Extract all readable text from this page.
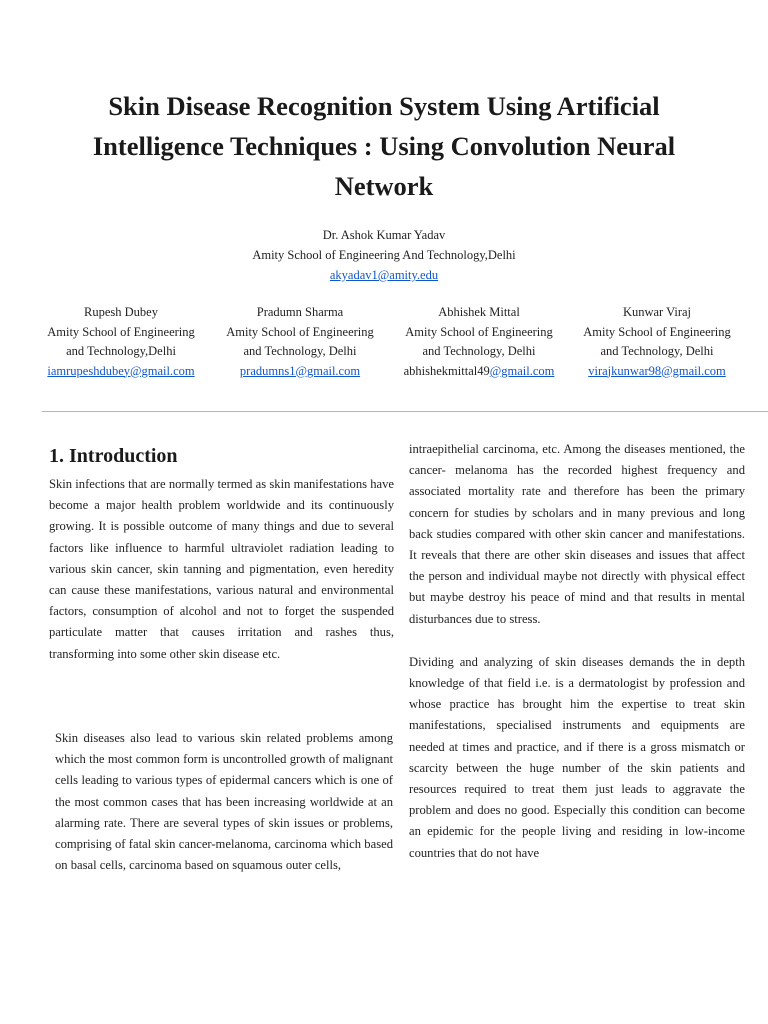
Skin Disease Recognition System Using Artificial
Intelligence Techniques : Using Convolution Neural
Network
Dr. Ashok Kumar Yadav
Amity School of Engineering And Technology,Delhi
akyadav1@amity.edu
Rupesh Dubey
Amity School of Engineering
and Technology,Delhi
iamrupeshdubey@gmail.com
Pradumn Sharma
Amity School of Engineering
and Technology, Delhi
pradumns1@gmail.com
Abhishek Mittal
Amity School of Engineering
and Technology, Delhi
abhishekmittal49@gmail.com
Kunwar Viraj
Amity School of Engineering
and Technology, Delhi
virajkunwar98@gmail.com
1. Introduction

Skin infections that are normally termed as skin manifestations have become a major health problem worldwide and its continuously growing. It is possible outcome of many things and due to several factors like influence to harmful ultraviolet radiation leading to various skin cancer, skin tanning and pigmentation, even heredity can cause these manifestations, various natural and environmental factors, consumption of alcohol and not to forget the suspended particulate matter that causes irritation and rashes thus, transforming into some other skin disease etc.

Skin diseases also lead to various skin related problems among which the most common form is uncontrolled growth of malignant cells leading to various types of epidermal cancers which is one of the most common cases that has been increasing worldwide at an alarming rate. There are several types of skin issues or problems, comprising of fatal skin cancer-melanoma, carcinoma which based on basal cells, carcinoma based on squamous outer cells,

intraepithelial carcinoma, etc. Among the diseases mentioned, the cancer- melanoma has the recorded highest frequency and associated mortality rate and therefore has been the primary concern for studies by scholars and in many previous and long back studies compared with other skin cancer and manifestations. It reveals that there are other skin diseases and issues that affect the person and individual maybe not directly with physical effect but maybe destroy his peace of mind and that results in mental disturbances due to stress.

Dividing and analyzing of skin diseases demands the in depth knowledge of that field i.e. is a dermatologist by profession and whose practice has brought him the expertise to treat skin manifestations, specialised instruments and equipments are needed at times and practice, and if there is a gross mismatch or scarcity between the huge number of the skin patients and resources required to treat them just leads to aggravate the problem and does no good. Especially this condition can become an epidemic for the people living and residing in low-income countries that do not have
